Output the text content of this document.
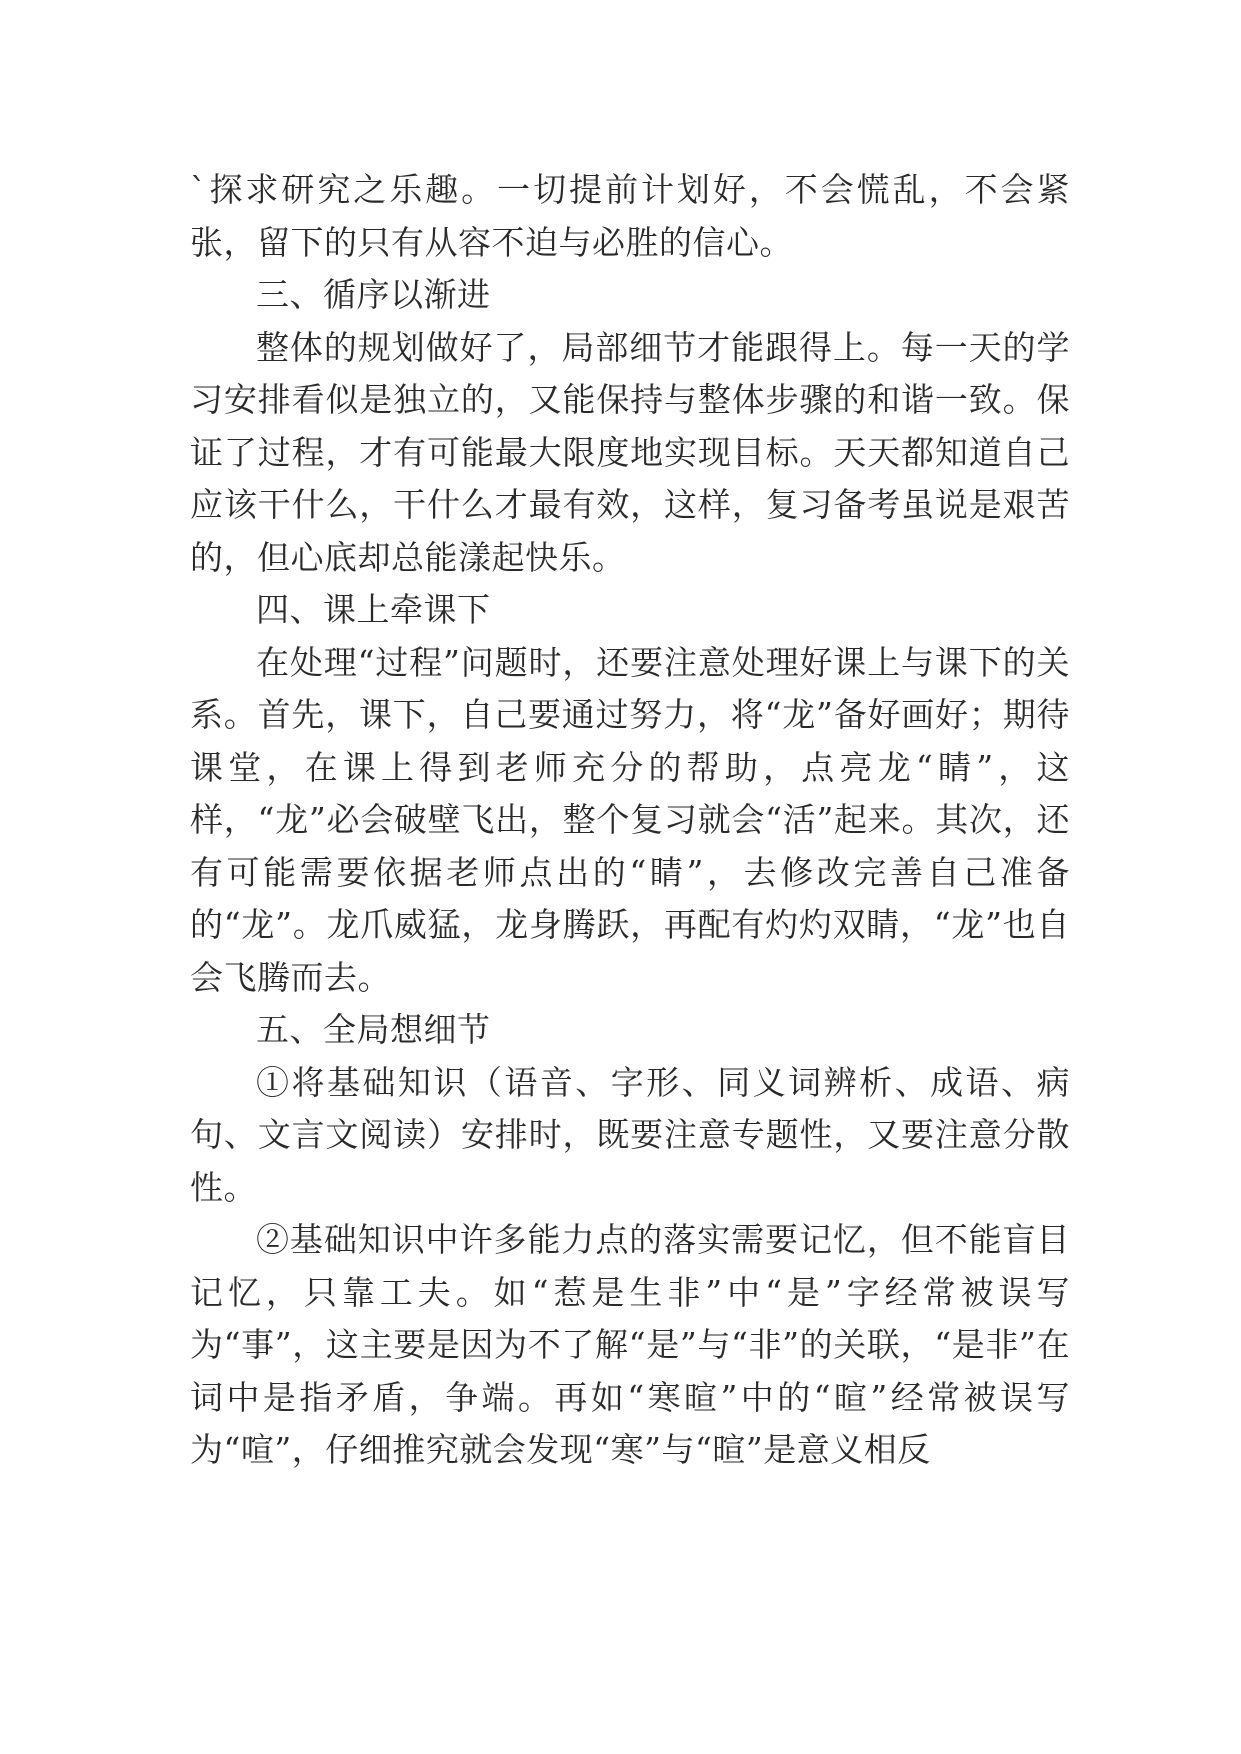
`探求研究之乐趣。一切提前计划好，不会慌乱，不会紧张，留下的只有从容不迫与必胜的信心。

三、循序以渐进

整体的规划做好了，局部细节才能跟得上。每一天的学习安排看似是独立的，又能保持与整体步骤的和谐一致。保证了过程，才有可能最大限度地实现目标。天天都知道自己应该干什么，干什么才最有效，这样，复习备考虽说是艰苦的，但心底却总能漾起快乐。

四、课上牵课下

在处理“过程”问题时，还要注意处理好课上与课下的关系。首先，课下，自己要通过努力，将“龙”备好画好；期待课堂，在课上得到老师充分的帮助，点亮龙“睛”，这样，“龙”必会破壁飞出，整个复习就会“活”起来。其次，还有可能需要依据老师点出的“睛”，去修改完善自己准备的“龙”。龙爪威猛，龙身腾跃，再配有灼灼双睛，“龙”也自会飞腾而去。

五、全局想细节

①将基础知识（语音、字形、同义词辨析、成语、病句、文言文阅读）安排时，既要注意专题性，又要注意分散性。

②基础知识中许多能力点的落实需要记忆，但不能盲目记忆，只靠工夫。如“惹是生非”中“是”字经常被误写为“事”，这主要是因为不了解“是”与“非”的关联，“是非”在词中是指矛盾，争端。再如“寒暄”中的“暄”经常被误写为“喧”，仔细推究就会发现“寒”与“暄”是意义相反
